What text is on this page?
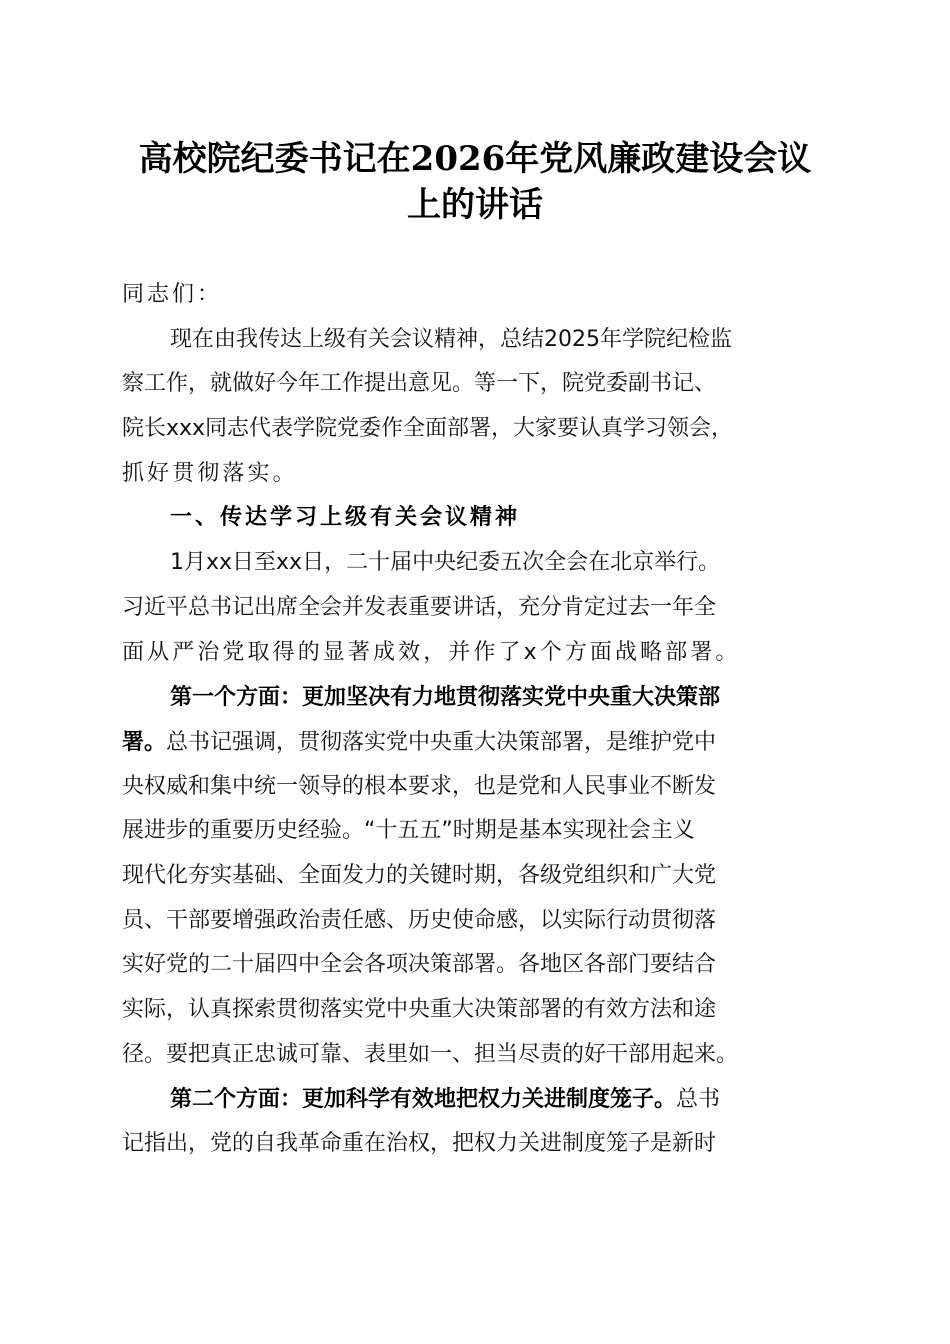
高校院纪委书记在2026年党风廉政建设会议
上的讲话
同志们：
现在由我传达上级有关会议精神，总结2025年学院纪检监
察工作，就做好今年工作提出意见。等一下，院党委副书记、
院长xxx同志代表学院党委作全面部署，大家要认真学习领会，
抓好贯彻落实。
一、传达学习上级有关会议精神
1月xx日至xx日，二十届中央纪委五次全会在北京举行。
习近平总书记出席全会并发表重要讲话，充分肯定过去一年全
面从严治党取得的显著成效，并作了x个方面战略部署。
第一个方面：更加坚决有力地贯彻落实党中央重大决策部
署。总书记强调，贯彻落实党中央重大决策部署，是维护党中
央权威和集中统一领导的根本要求，也是党和人民事业不断发
展进步的重要历史经验。“十五五”时期是基本实现社会主义
现代化夯实基础、全面发力的关键时期，各级党组织和广大党
员、干部要增强政治责任感、历史使命感，以实际行动贯彻落
实好党的二十届四中全会各项决策部署。各地区各部门要结合
实际，认真探索贯彻落实党中央重大决策部署的有效方法和途
径。要把真正忠诚可靠、表里如一、担当尽责的好干部用起来。
第二个方面：更加科学有效地把权力关进制度笼子。总书
记指出，党的自我革命重在治权，把权力关进制度笼子是新时
